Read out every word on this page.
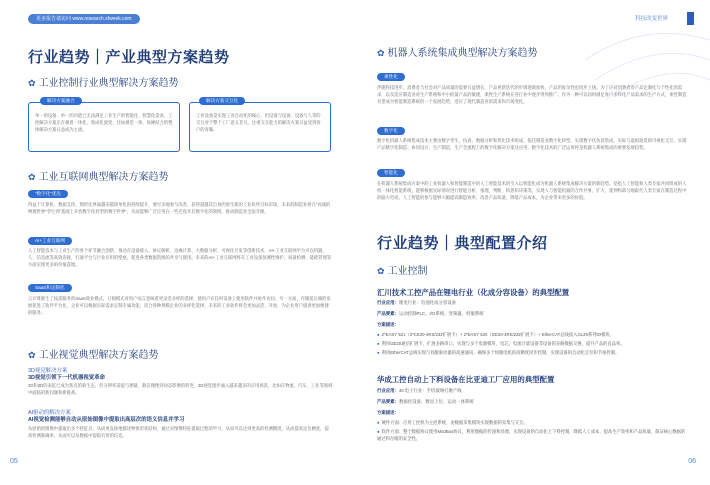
更多报告请访问 www.research.sfweek.com
行业趋势｜产业典型方案趋势
✿ 工业控制行业典型解决方案趋势
解决方案融合
单一的设备、单一的功能已无法满足工业生产的智能化、智慧化需求，工控解决方案正在朝着一体化、集成化演变，比如视觉一体、软硬结合的整体解决方案日益成为主流。
解决方案交互化
工业设备是实现工业自动化的核心，但设备与设备、设备与人等的交互对于整个工厂意义非凡，注重交互能力的解决方案日益受到客户的青睐。
✿ 工业互联网典型解决方案趋势
“数字化”优先
得益于计算机、数据支持、图形化界面越来越简单化的持续提升，要尽多地参与改善，获得超越其自身的原生新的工业软件目标市场，未来的制造业将在“高端的物理世界”孪生到“基础上开放数字化转型的数字世界”，从而能够广泛应用在一些还没开启数字化的领域，推动制造业全面升级。
AI+工业互联网
人工智能技术与工业生产的各个环节融合创新，推动在设备接入、协议解析、边缘计算、大数据分析、可视化开发等创新技术，AI+工业互联网平台可以机器、人、信息流等高效连接，打通平台与行业应用的壁垒，促进各类数据资源的共享与使用。未来的AI+工业互联网将在工业设备预测性维护、质量检测、能耗管理等方面实现更多的价值落地。
SaaS和定制化
云计算催生了按需服务的SaaS商业模式，订阅模式对用户而言意味着更灵活多样的选择，使用户在任何设备上使用软件并协作访问，另一方面，存储前后端的发展促进了软件平台化，企业可以根据实际需求定制专属功能，适合各种规模企业的多样化选择，未来的工业软件将会更加灵活、开放，为企业用户提供更加便捷的服务。
✿ 工业视觉典型解决方案趋势
3D视觉解决方案
3D视觉引领下一代机器视觉革命
2D和3D的表征已成为焦点的新生态，但分辨率前提与测量、静态图像到动态影像的转变，3D视觉逐步涌入越来越多的应用场景，比如在物流、汽车、工业等领域中面临的新问题和新挑战。
AI驱动的解决方案：
AI视觉检测能够自动从原始图像中提取出高层次的语义信息并学习
从原始的图像中提取出多个特征点，从而更直接地描述物体形状结构，通过对图像特征提取过程的学习，从而可以达到更高的检测精度，从而提高定位精度，提高检测准确率，从而可以从数据中提取有用的信息。
05
科技改变世界
✿ 机器人系统集成典型解决方案趋势
柔性化
伴随科技进步，消费者与社会对产品质量的需要日益增长，产品更新迭代的步调逐渐加快，产品的复杂性也同步上扬。为了应对消费者对产品定制化与个性化的需求，以及适应制造业对生产系统和中小批量产品的敏捷，柔性生产系统在各行业中逐步得到推广。作为一种可以同时满足客户多样化产品需求的生产方式，柔性制造有望成为智能制造系统的一个发展趋势，适应了现代制造业的需求和市场变化。
数字化
数字化机器人系统集成技术主要由数字孪生、仿真、数据分析和优化技术组成，依托制造业数字化转型，实现数字化仿真集成。实际与虚拟场景的可视化交互，实现产品数字化制造、协同设计、生产制造，生产全流程上的数字化解决方案及应用，数字化技术的广泛运用将是机器人系统集成的重要发展趋势。
智能化
在机器人系统集成方案中的工业机器人和智能制造中的人工智能技术的引入以智能化成为机器人系统集成解决方案的新趋势。是指人工智能和人类专家共同组成的人机一体化智能系统，能够根据实际情况进行智能分析、推理、判断、构思和决策等，实现人与智能机器的合作共事，扩大、延伸和部分地取代人类专家在制造过程中的脑力劳动。人工智能的参与能够大幅提高制造效率、改善产品质量，降低产品成本，为企业带来更多的价值。
行业趋势｜典型配置介绍
✿ 工业控制
汇川技术工控产品在锂电行业（化成分容设备）的典型配置
行业应用：锂电行业：电池化成分容设备
产品要素：运动控制PLC、I/O系统、变频器、伺服系统
方案描述：
● 2*EASY 521（2*CE20-4RS/232扩展卡）+ 2*EASY 520（GE20-4RS/232扩展卡）+ EtherCAT总线接入GL20系列IO模块。
● 利用GE20通信扩展卡，扩展多路串口，实现与多个电源模块、电芯、电流计量设备等设备的多路数据交换，提升产品的良品率。
● 利用EtherCAT总线实现与伺服驱动器的高速通讯，确保多个伺服电机的高精度同步控制，实现设备的自动化定位和节拍控制。
华成工控自动上下料设备在比亚迪工厂应用的典型配置
行业应用：3C电子行业：手机玻璃打磨产线
产品要素：数据化设备、数显上位、运动一体系统
方案描述：
● 硬件方面：应用工控机为主控系统，由数据采集模块实现数据的采集与交互。
● 软件方面：整个数据协议使用ModBus协议，利用数据的传递和处理，实现设备的自动化上下料控制，降低人工成本，提高生产效率和产品质量，保证核心数据的通过和存储的安全性。
06
